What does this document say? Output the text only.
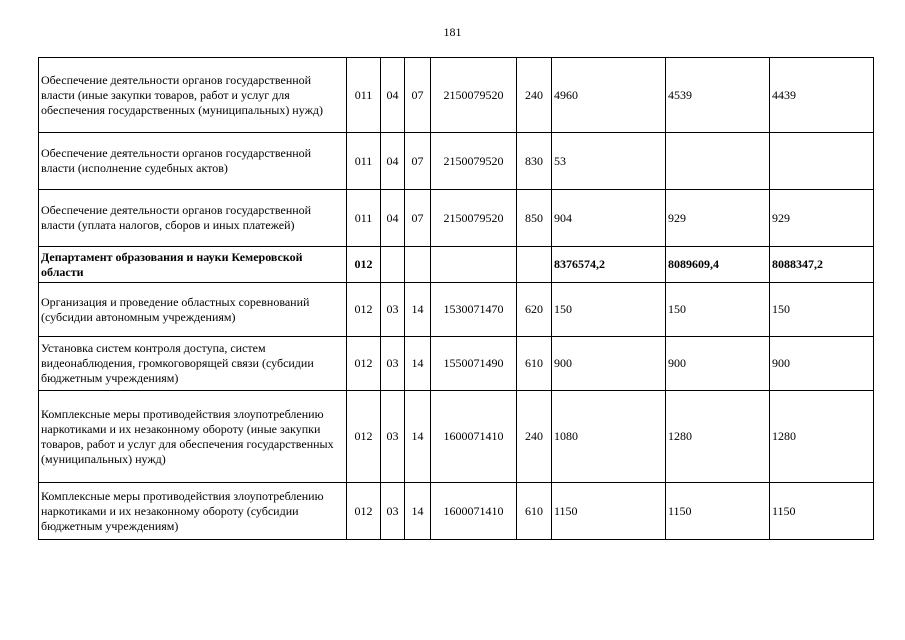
181
Обеспечение деятельности органов государственной власти (иные закупки товаров, работ и услуг для обеспечения государственных (муниципальных) нужд)	011	04	07	2150079520	240	4960	4539	4439
Обеспечение деятельности органов государственной власти (исполнение судебных актов)	011	04	07	2150079520	830	53		
Обеспечение деятельности органов государственной власти (уплата налогов, сборов и иных платежей)	011	04	07	2150079520	850	904	929	929
Департамент образования и науки Кемеровской области	012					8376574,2	8089609,4	8088347,2
Организация и проведение областных соревнований (субсидии автономным учреждениям)	012	03	14	1530071470	620	150	150	150
Установка систем контроля доступа, систем видеонаблюдения, громкоговорящей связи (субсидии бюджетным учреждениям)	012	03	14	1550071490	610	900	900	900
Комплексные меры противодействия злоупотреблению наркотиками и их незаконному обороту (иные закупки товаров, работ и услуг для обеспечения государственных (муниципальных) нужд)	012	03	14	1600071410	240	1080	1280	1280
Комплексные меры противодействия злоупотреблению наркотиками и их незаконному обороту (субсидии бюджетным учреждениям)	012	03	14	1600071410	610	1150	1150	1150
